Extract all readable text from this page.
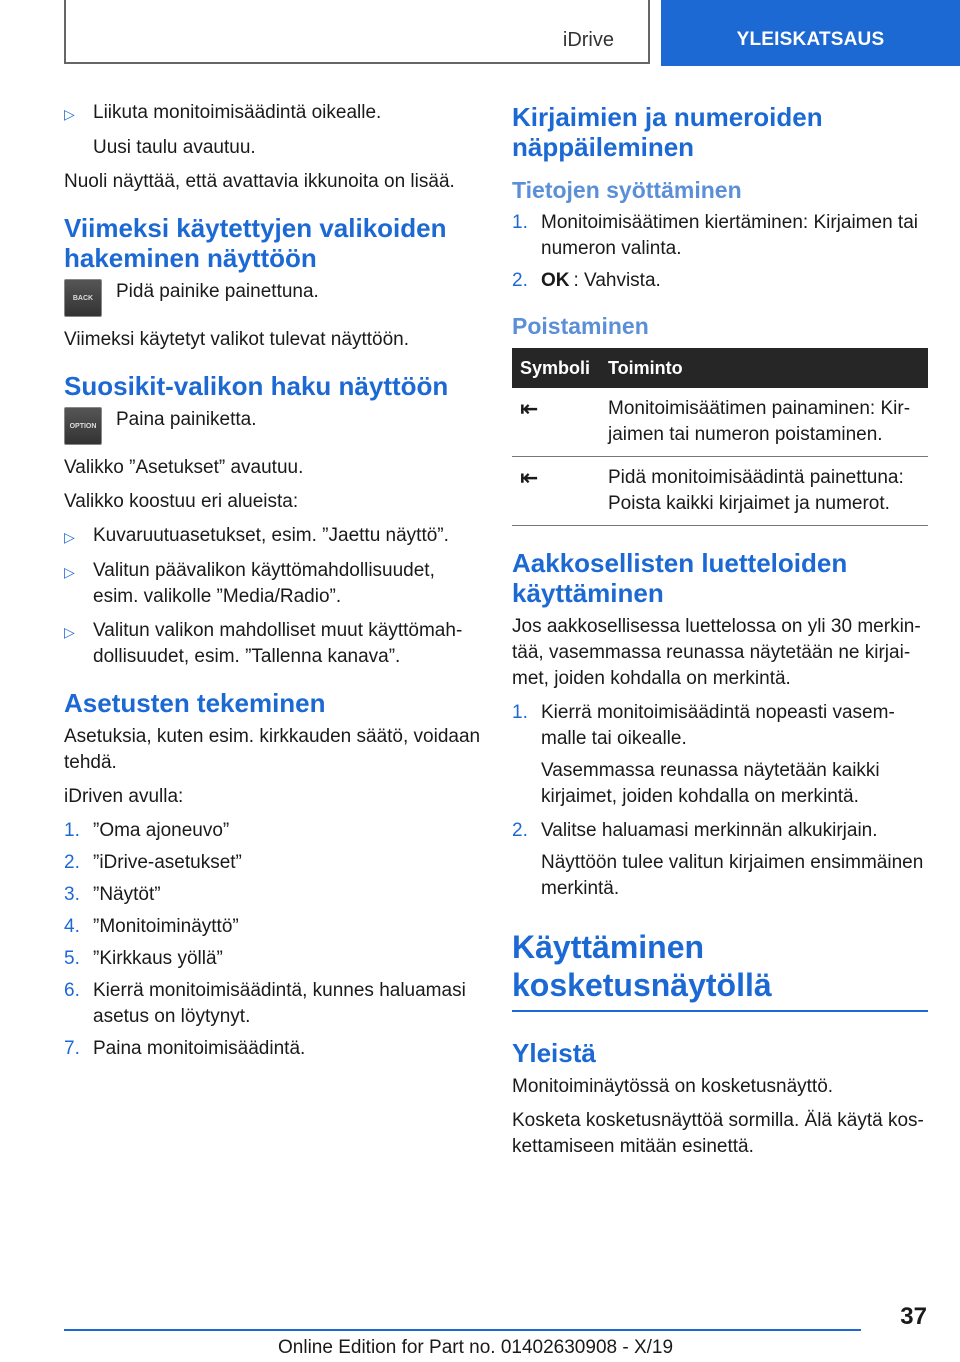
iDrive	YLEISKATSAUS
▷ Liikuta monitoimisäädintä oikealle.
Uusi taulu avautuu.

Nuoli näyttää, että avattavia ikkunoita on lisää.

Viimeksi käytettyjen valikoiden hakeminen näyttöön
BACK	Pidä painike painettuna.

Viimeksi käytetyt valikot tulevat näyttöön.

Suosikit-valikon haku näyttöön
OPTION Paina painiketta.

Valikko ”Asetukset” avautuu.

Valikko koostuu eri alueista:

▷ Kuvaruutuasetukset, esim. ”Jaettu näyttö”.
▷ Valitun päävalikon käyttömahdollisuudet, esim. valikolle ”Media/Radio”.
▷ Valitun valikon mahdolliset muut käyttömahdollisuudet, esim. ”Tallenna kanava”.
Asetusten tekeminen

Asetuksia, kuten esim. kirkkauden säätö, voidaan tehdä.

iDriven avulla:

1. ”Oma ajoneuvo”
2. ”iDrive-asetukset”
3. ”Näytöt”
4. ”Monitoiminäyttö”
5. ”Kirkkaus yöllä”
6. Kierrä monitoimisäädintä, kunnes haluamasi asetus on löytynyt.
7. Paina monitoimisäädintä.
Kirjaimien ja numeroiden näppäileminen
Tietojen syöttäminen
1. Monitoimisäätimen kiertäminen: Kirjaimen tai numeron valinta.
2. OK : Vahvista.
Poistaminen
Symboli	Toiminto
⇤	Monitoimisäätimen painaminen: Kirjaimen tai numeron poistaminen.
⇤	Pidä monitoimisäädintä painettuna: Poista kaikki kirjaimet ja numerot.
Aakkosellisten luetteloiden käyttäminen

Jos aakkosellisessa luettelossa on yli 30 merkintää, vasemmassa reunassa näytetään ne kirjaimet, joiden kohdalla on merkintä.

1. Kierrä monitoimisäädintä nopeasti vasemmalle tai oikealle.
Vasemmassa reunassa näytetään kaikki kirjaimet, joiden kohdalla on merkintä.
2. Valitse haluamasi merkinnän alkukirjain.
Näyttöön tulee valitun kirjaimen ensimmäinen merkintä.
Käyttäminen kosketusnäytöllä
Yleistä

Monitoiminäytössä on kosketusnäyttö.

Kosketa kosketusnäyttöä sormilla. Älä käytä koskettamiseen mitään esinettä.

37
Online Edition for Part no. 01402630908 - X/19
